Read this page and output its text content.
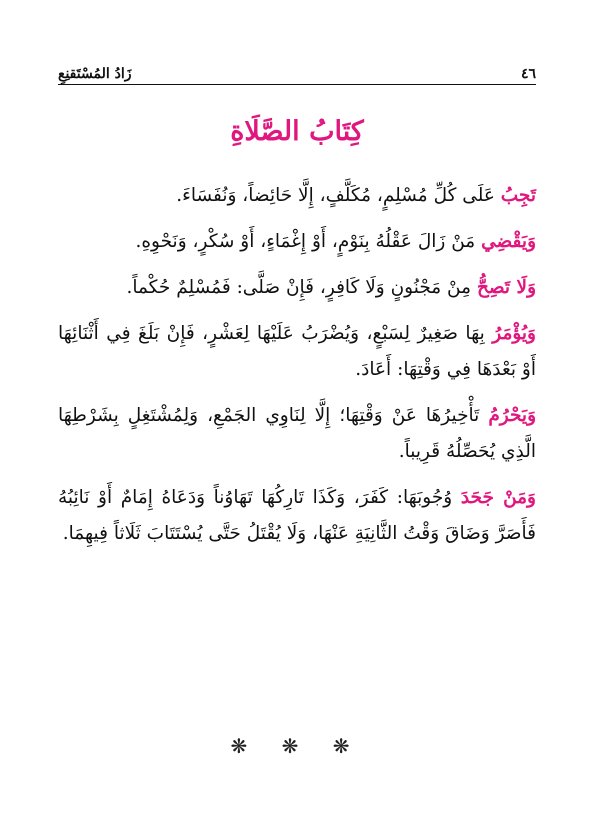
٤٦
زَادُ المُسْتَقنِعِ
كِتَابُ الصَّلَاةِ

تَجِبُ عَلَى كُلِّ مُسْلِمٍ، مُكَلَّفٍ، إِلَّا حَائِضاً، وَنُفَسَاءَ.

وَيَقْضِي مَنْ زَالَ عَقْلُهُ بِنَوْمٍ، أَوْ إِغْمَاءٍ، أَوْ سُكْرٍ، وَنَحْوِهِ.

وَلَا تَصِحُّ مِنْ مَجْنُونٍ وَلَا كَافِرٍ، فَإِنْ صَلَّى: فَمُسْلِمٌ حُكْماً.

وَيُؤْمَرُ بِهَا صَغِيرٌ لِسَبْعٍ، وَيُضْرَبُ عَلَيْهَا لِعَشْرٍ، فَإِنْ بَلَغَ فِي أَثْنَائِهَا أَوْ بَعْدَهَا فِي وَقْتِهَا: أَعَادَ.

وَيَحْرُمُ تَأْخِيرُهَا عَنْ وَقْتِهَا؛ إِلَّا لِنَاوِي الجَمْعِ، وَلِمُشْتَغِلٍ بِشَرْطِهَا الَّذِي يُحَصِّلُهُ قَرِيباً.

وَمَنْ جَحَدَ وُجُوبَهَا: كَفَرَ، وَكَذَا تَارِكُهَا تَهَاوُناً وَدَعَاهُ إِمَامٌ أَوْ نَائِبُهُ فَأَصَرَّ وَضَاقَ وَقْتُ الثَّانِيَةِ عَنْهَا، وَلَا يُقْتَلُ حَتَّى يُسْتَتَابَ ثَلَاثاً فِيهِمَا.

❋ ❋ ❋
